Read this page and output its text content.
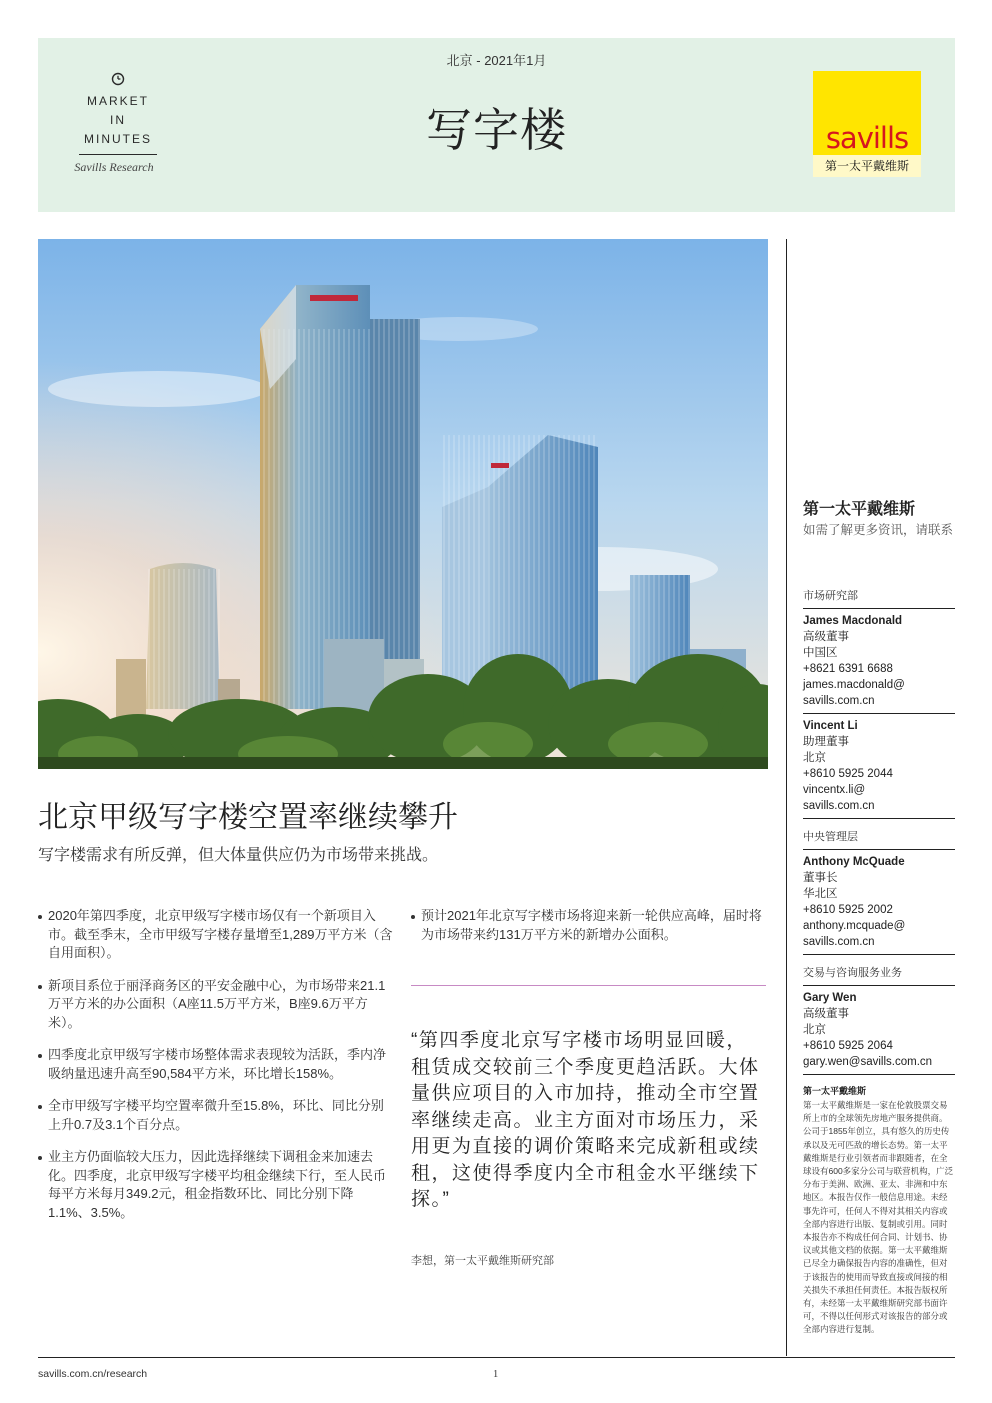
MARKET
IN
MINUTES
Savills Research
北京 - 2021年1月
写字楼	savills
第一太平戴维斯
第一太平戴维斯
如需了解更多资讯，请联系
市场研究部
James Macdonald
高级董事
中国区
+8621 6391 6688
james.macdonald@
savills.com.cn
Vincent Li
助理董事
北京
+8610 5925 2044
vincentx.li@
savills.com.cn
中央管理层
Anthony McQuade
董事长
华北区
+8610 5925 2002
anthony.mcquade@
savills.com.cn
交易与咨询服务业务
Gary Wen
高级董事
北京
+8610 5925 2064
gary.wen@savills.com.cn
第一太平戴维斯
第一太平戴维斯是一家在伦敦股票交易所上市的全球领先房地产服务提供商。公司于1855年创立，具有悠久的历史传承以及无可匹敌的增长态势。第一太平戴维斯是行业引领者而非跟随者，在全球设有600多家分公司与联营机构，广泛分布于美洲、欧洲、亚太、非洲和中东地区。本报告仅作一般信息用途。未经事先许可，任何人不得对其相关内容或全部内容进行出版、复制或引用。同时本报告亦不构成任何合同、计划书、协议或其他文档的依据。第一太平戴维斯已尽全力确保报告内容的准确性，但对于该报告的使用而导致直接或间接的相关损失不承担任何责任。本报告版权所有，未经第一太平戴维斯研究部书面许可，不得以任何形式对该报告的部分或全部内容进行复制。
北京甲级写字楼空置率继续攀升
写字楼需求有所反弹，但大体量供应仍为市场带来挑战。
2020年第四季度，北京甲级写字楼市场仅有一个新项目入市。截至季末，全市甲级写字楼存量增至1,289万平方米（含自用面积）。
新项目系位于丽泽商务区的平安金融中心，为市场带来21.1万平方米的办公面积（A座11.5万平方米，B座9.6万平方米）。
四季度北京甲级写字楼市场整体需求表现较为活跃，季内净吸纳量迅速升高至90,584平方米，环比增长158%。
全市甲级写字楼平均空置率微升至15.8%，环比、同比分别上升0.7及3.1个百分点。
业主方仍面临较大压力，因此选择继续下调租金来加速去化。四季度，北京甲级写字楼平均租金继续下行，至人民币每平方米每月349.2元，租金指数环比、同比分别下降1.1%、3.5%。
预计2021年北京写字楼市场将迎来新一轮供应高峰，届时将为市场带来约131万平方米的新增办公面积。
“第四季度北京写字楼市场明显回暖，租赁成交较前三个季度更趋活跃。大体量供应项目的入市加持，推动全市空置率继续走高。业主方面对市场压力，采用更为直接的调价策略来完成新租或续租，这使得季度内全市租金水平继续下探。”
李想，第一太平戴维斯研究部
savills.com.cn/research	1
